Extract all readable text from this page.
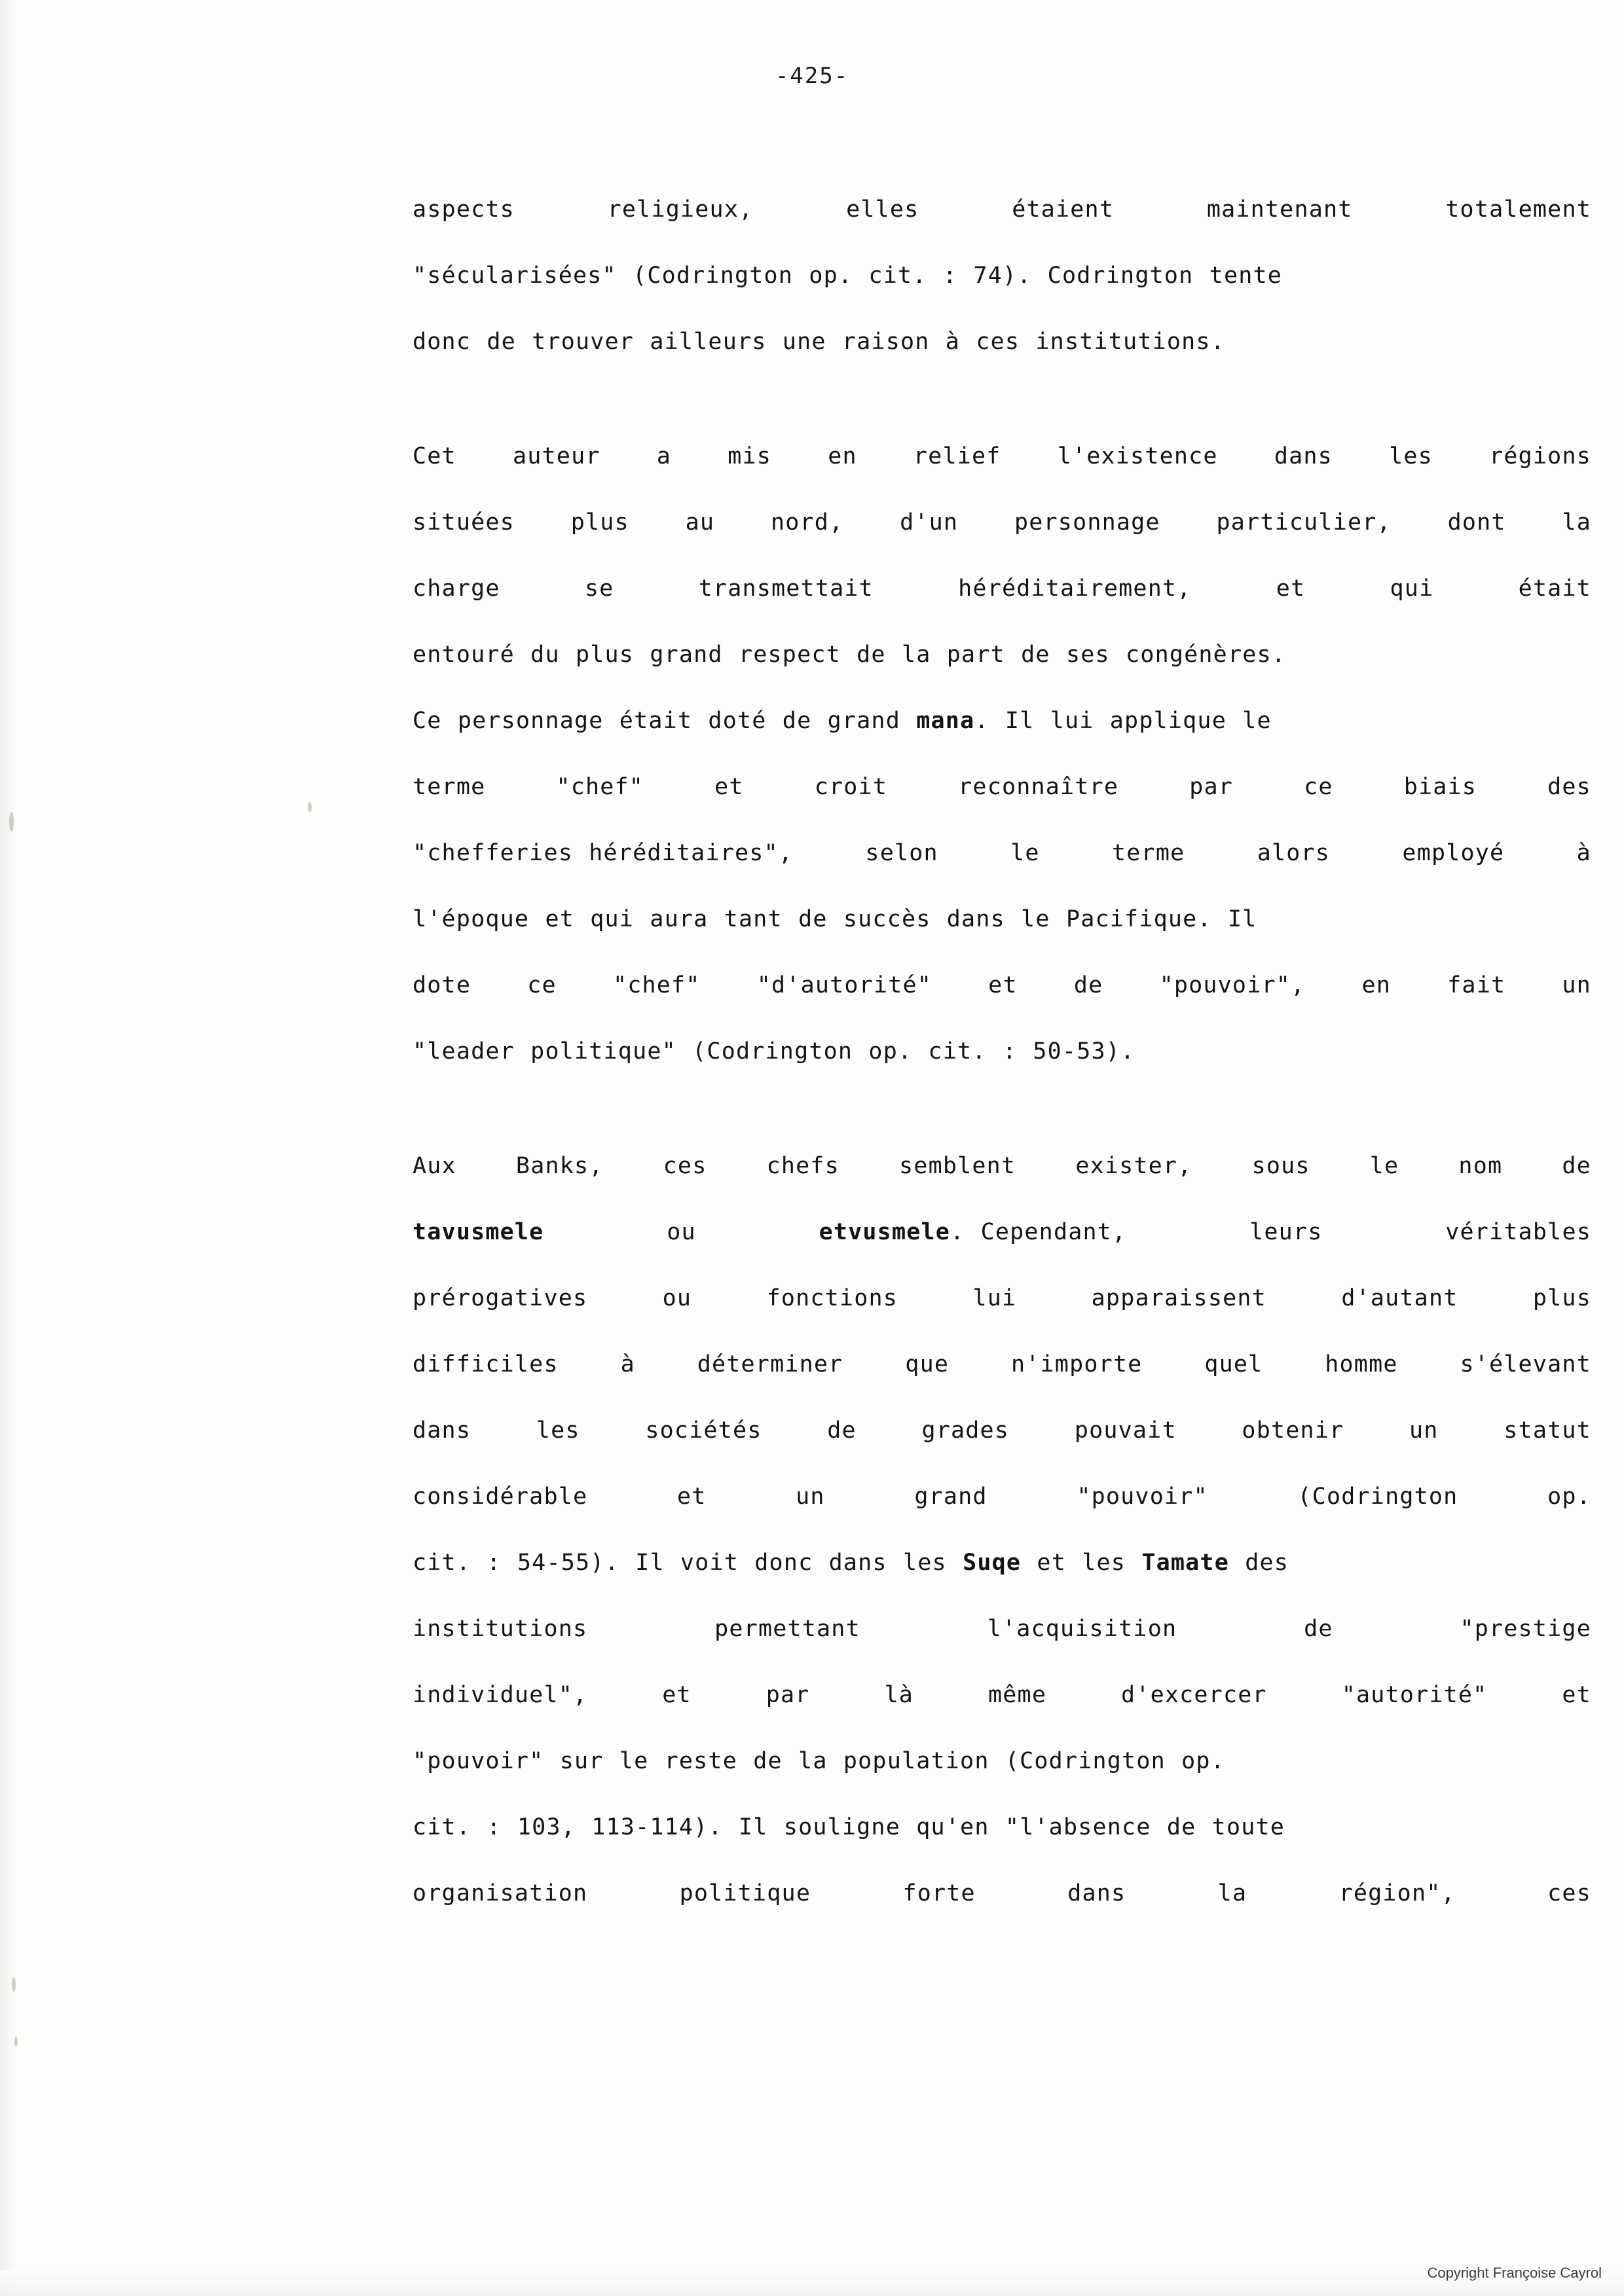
-425-

aspects	religieux,	elles	étaient	maintenant	totalement
"sécularisées" (Codrington op. cit. : 74). Codrington tente
donc de trouver ailleurs une raison à ces institutions.

Cet auteur a mis en relief l'existence dans les régions
situées plus au nord, d'un personnage particulier, dont la
charge	se	transmettait	héréditairement,	et	qui	était
entouré du plus grand respect de la part de ses congénères.
Ce personnage était doté de grand mana. Il lui applique le
terme	"chef"	et	croit	reconnaître	par	ce	biais	des
"chefferies héréditaires",	selon	le	terme	alors	employé	à
l'époque et qui aura tant de succès dans le Pacifique. Il
dote ce "chef" "d'autorité" et de "pouvoir", en fait un
"leader politique" (Codrington op. cit. : 50-53).

Aux	Banks,	ces	chefs	semblent	exister,	sous	le	nom	de
tavusmele	ou	etvusmele. Cependant,	leurs	véritables
prérogatives	ou	fonctions	lui	apparaissent	d'autant	plus
difficiles	à	déterminer	que	n'importe	quel	homme	s'élevant
dans	les	sociétés	de	grades	pouvait	obtenir	un	statut
considérable	et	un	grand	"pouvoir"	(Codrington	op.
cit. : 54-55). Il voit donc dans les Suqe et les Tamate des
institutions	permettant	l'acquisition	de	"prestige
individuel",	et	par	là	même	d'excercer	"autorité"	et
"pouvoir" sur le reste de la population (Codrington op.
cit. : 103, 113-114). Il souligne qu'en "l'absence de toute
organisation	politique	forte	dans	la	région",	ces

Copyright Françoise Cayrol
